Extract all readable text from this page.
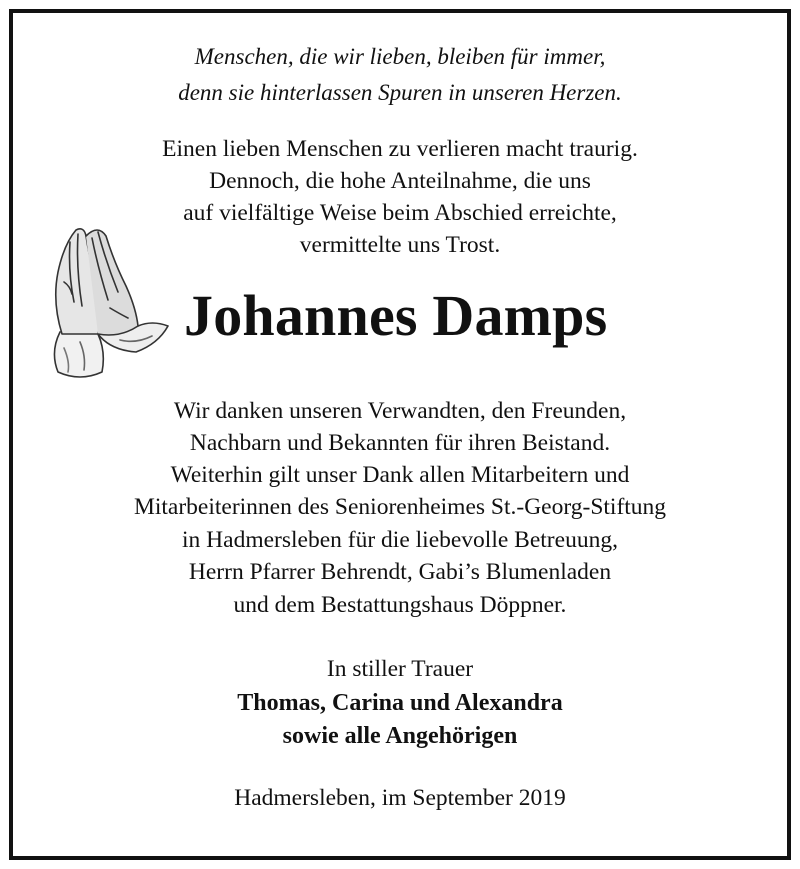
Menschen, die wir lieben, bleiben für immer,
denn sie hinterlassen Spuren in unseren Herzen.
Einen lieben Menschen zu verlieren macht traurig.
Dennoch, die hohe Anteilnahme, die uns
auf vielfältige Weise beim Abschied erreichte,
vermittelte uns Trost.
Johannes Damps
Wir danken unseren Verwandten, den Freunden,
Nachbarn und Bekannten für ihren Beistand.
Weiterhin gilt unser Dank allen Mitarbeitern und
Mitarbeiterinnen des Seniorenheimes St.-Georg-Stiftung
in Hadmersleben für die liebevolle Betreuung,
Herrn Pfarrer Behrendt, Gabi’s Blumenladen
und dem Bestattungshaus Döppner.
In stiller Trauer
Thomas, Carina und Alexandra
sowie alle Angehörigen
Hadmersleben, im September 2019
